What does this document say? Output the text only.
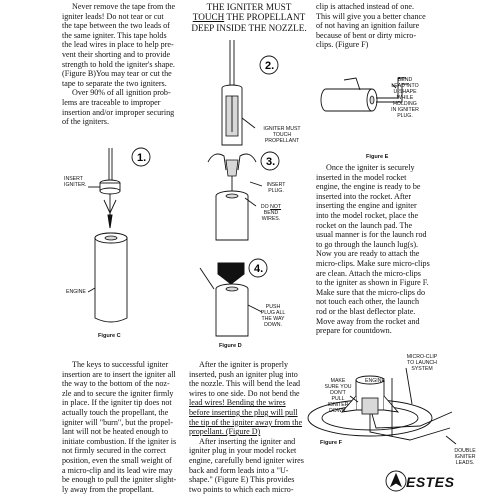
Never remove the tape from the
igniter leads! Do not tear or cut
the tape between the two leads of
the same igniter. This tape holds
the lead wires in place to help pre-
vent their shorting and to provide
strength to hold the igniter's shape.
(Figure B)You may tear or cut the
tape to separate the two igniters.

Over 90% of all ignition prob-
lems are traceable to improper
insertion and/or improper securing
of the igniters.

THE IGNITER MUST
TOUCH THE PROPELLANT
DEEP INSIDE THE NOZZLE.

clip is attached instead of one.
This will give you a better chance
of not having an ignition failure
because of bent or dirty micro-
clips. (Figure F)

1.
INSERT
IGNITER.
ENGINE
Figure C
2.
3.
4.
IGNITER MUST
TOUCH
PROPELLANT
INSERT
PLUG.
DO NOT
BEND
WIRES.
PUSH
PLUG ALL
THE WAY
DOWN.
Figure D
BEND
LEAD INTO
U-SHAPE
WHILE
HOLDING
IN IGNITER
PLUG.
Figure E

Once the igniter is securely
inserted in the model rocket
engine, the engine is ready to be
inserted into the rocket. After
inserting the engine and igniter
into the model rocket, place the
rocket on the launch pad. The
usual manner is for the launch rod
to go through the launch lug(s).
Now you are ready to attach the
micro-clips. Make sure micro-clips
are clean. Attach the micro-clips
to the igniter as shown in Figure F.
Make sure that the micro-clips do
not touch each other, the launch
rod or the blast deflector plate.
Move away from the rocket and
prepare for countdown.

The keys to successful igniter
insertion are to insert the igniter all
the way to the bottom of the noz-
zle and to secure the igniter firmly
in place. If the igniter tip does not
actually touch the propellant, the
igniter will "burn", but the propel-
lant will not be heated enough to
initiate combustion. If the igniter is
not firmly secured in the correct
position, even the small weight of
a micro-clip and its lead wire may
be enough to pull the igniter slight-
ly away from the propellant.

After the igniter is properly
inserted, push an igniter plug into
the nozzle. This will bend the lead
wires to one side. Do not bend the
lead wires! Bending the wires
before inserting the plug will pull
the tip of the igniter away from the
propellant. (Figure D)

After inserting the igniter and
igniter plug in your model rocket
engine, carefully bend igniter wires
back and form leads into a "U-
shape." (Figure E) This provides
two points to which each micro-

MICRO-CLIP
TO LAUNCH
SYSTEM
MAKE
SURE YOU
DON'T
PULL
IGNITER
DOWN.
ENGINE
DOUBLE
IGNITER
LEADS.
Figure F
ESTES
